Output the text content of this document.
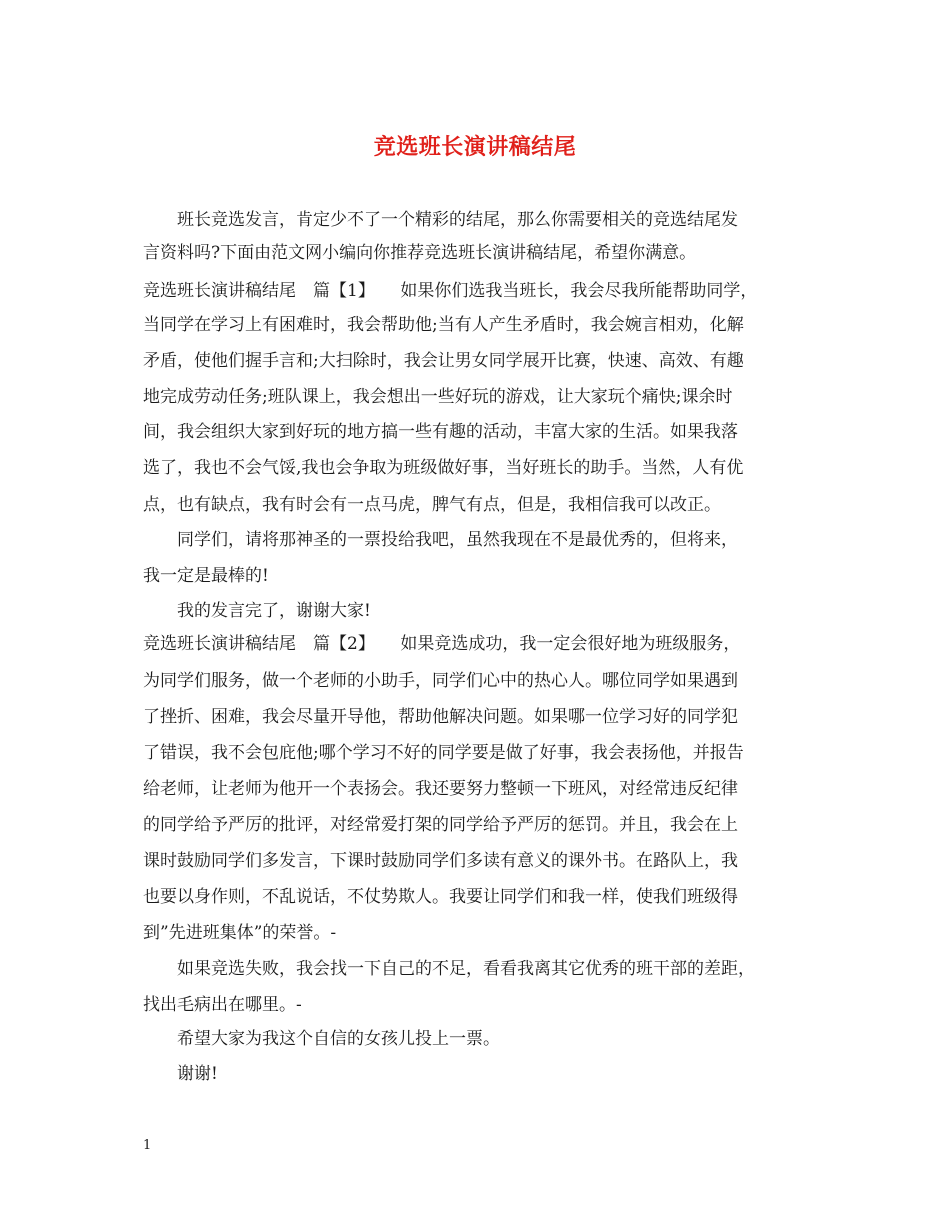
竞选班长演讲稿结尾
班长竞选发言，肯定少不了一个精彩的结尾，那么你需要相关的竞选结尾发
言资料吗?下面由范文网小编向你推荐竞选班长演讲稿结尾，希望你满意。
竞选班长演讲稿结尾　篇【1】　　如果你们选我当班长，我会尽我所能帮助同学，
当同学在学习上有困难时，我会帮助他;当有人产生矛盾时，我会婉言相劝，化解
矛盾，使他们握手言和;大扫除时，我会让男女同学展开比赛，快速、高效、有趣
地完成劳动任务;班队课上，我会想出一些好玩的游戏，让大家玩个痛快;课余时
间，我会组织大家到好玩的地方搞一些有趣的活动，丰富大家的生活。如果我落
选了，我也不会气馁,我也会争取为班级做好事，当好班长的助手。当然，人有优
点，也有缺点，我有时会有一点马虎，脾气有点，但是，我相信我可以改正。
同学们，请将那神圣的一票投给我吧，虽然我现在不是最优秀的，但将来，
我一定是最棒的!
我的发言完了，谢谢大家!
竞选班长演讲稿结尾　篇【2】　　如果竞选成功，我一定会很好地为班级服务，
为同学们服务，做一个老师的小助手，同学们心中的热心人。哪位同学如果遇到
了挫折、困难，我会尽量开导他，帮助他解决问题。如果哪一位学习好的同学犯
了错误，我不会包庇他;哪个学习不好的同学要是做了好事，我会表扬他，并报告
给老师，让老师为他开一个表扬会。我还要努力整顿一下班风，对经常违反纪律
的同学给予严厉的批评，对经常爱打架的同学给予严厉的惩罚。并且，我会在上
课时鼓励同学们多发言，下课时鼓励同学们多读有意义的课外书。在路队上，我
也要以身作则，不乱说话，不仗势欺人。我要让同学们和我一样，使我们班级得
到”先进班集体”的荣誉。-
如果竞选失败，我会找一下自己的不足，看看我离其它优秀的班干部的差距，
找出毛病出在哪里。-
希望大家为我这个自信的女孩儿投上一票。
谢谢!
1
